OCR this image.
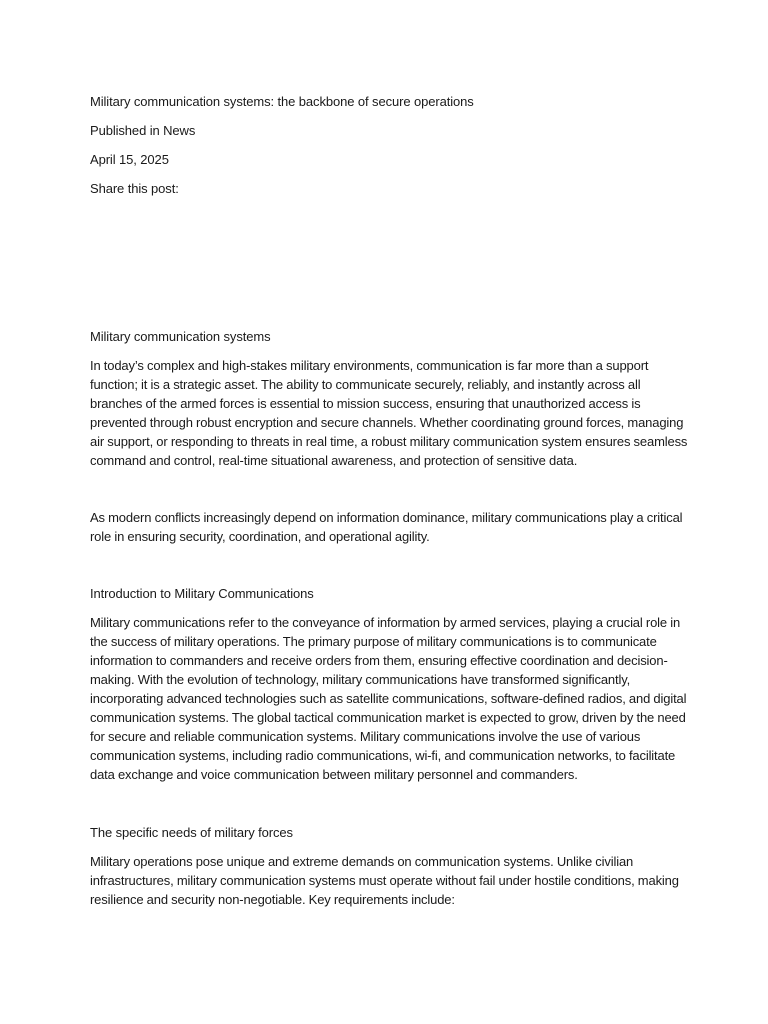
Military communication systems: the backbone of secure operations

Published in News

April 15, 2025

Share this post:

Military communication systems

In today’s complex and high-stakes military environments, communication is far more than a support function; it is a strategic asset. The ability to communicate securely, reliably, and instantly across all branches of the armed forces is essential to mission success, ensuring that unauthorized access is prevented through robust encryption and secure channels. Whether coordinating ground forces, managing air support, or responding to threats in real time, a robust military communication system ensures seamless command and control, real-time situational awareness, and protection of sensitive data.

As modern conflicts increasingly depend on information dominance, military communications play a critical role in ensuring security, coordination, and operational agility.

Introduction to Military Communications

Military communications refer to the conveyance of information by armed services, playing a crucial role in the success of military operations. The primary purpose of military communications is to communicate information to commanders and receive orders from them, ensuring effective coordination and decision-making. With the evolution of technology, military communications have transformed significantly, incorporating advanced technologies such as satellite communications, software-defined radios, and digital communication systems. The global tactical communication market is expected to grow, driven by the need for secure and reliable communication systems. Military communications involve the use of various communication systems, including radio communications, wi-fi, and communication networks, to facilitate data exchange and voice communication between military personnel and commanders.

The specific needs of military forces

Military operations pose unique and extreme demands on communication systems. Unlike civilian infrastructures, military communication systems must operate without fail under hostile conditions, making resilience and security non-negotiable. Key requirements include:
